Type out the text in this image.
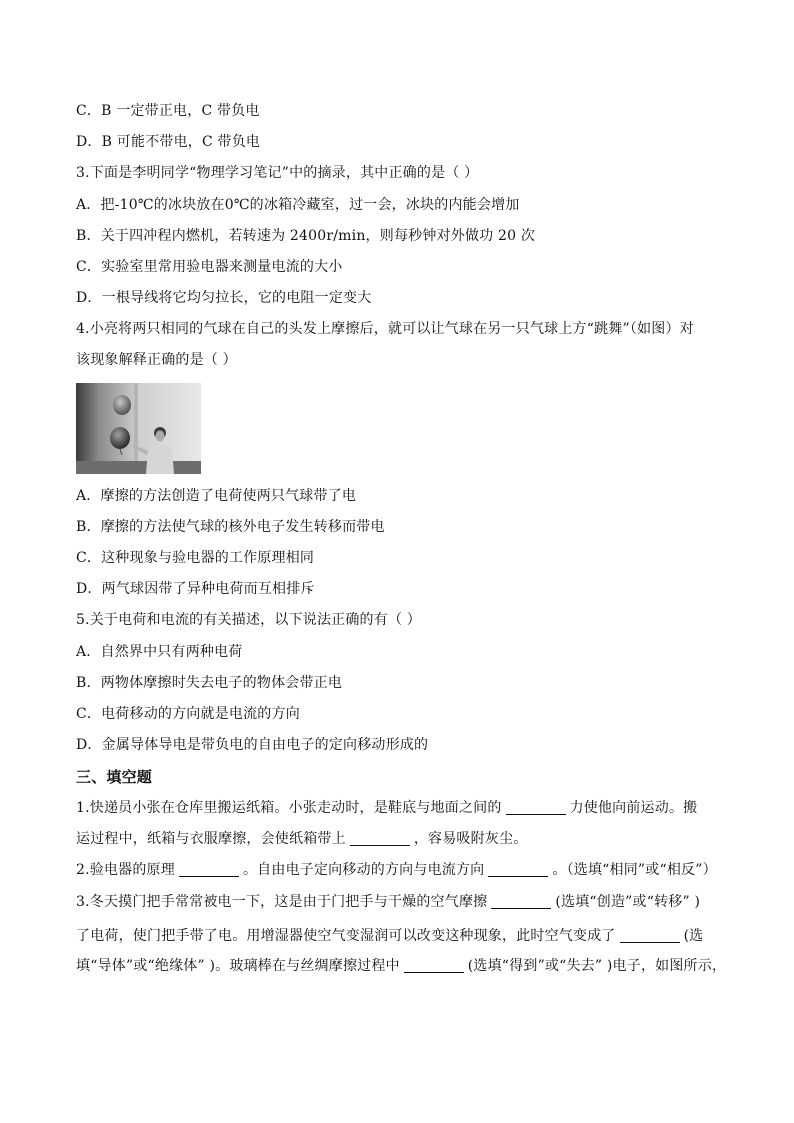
C．B 一定带正电，C 带负电
D．B 可能不带电，C 带负电
3.下面是李明同学“物理学习笔记”中的摘录，其中正确的是（ ）
A．把-10℃的冰块放在0℃的冰箱冷藏室，过一会，冰块的内能会增加
B．关于四冲程内燃机，若转速为 2400r/min，则每秒钟对外做功 20 次
C．实验室里常用验电器来测量电流的大小
D．一根导线将它均匀拉长，它的电阻一定变大
4.小亮将两只相同的气球在自己的头发上摩擦后，就可以让气球在另一只气球上方“跳舞”（如图）对
该现象解释正确的是（ ）
A．摩擦的方法创造了电荷使两只气球带了电
B．摩擦的方法使气球的核外电子发生转移而带电
C．这种现象与验电器的工作原理相同
D．两气球因带了异种电荷而互相排斥
5.关于电荷和电流的有关描述，以下说法正确的有（ ）
A．自然界中只有两种电荷
B．两物体摩擦时失去电子的物体会带正电
C．电荷移动的方向就是电流的方向
D．金属导体导电是带负电的自由电子的定向移动形成的
三、填空题
1.快递员小张在仓库里搬运纸箱。小张走动时，是鞋底与地面之间的	力使他向前运动。搬
运过程中，纸箱与衣服摩擦，会使纸箱带上	，容易吸附灰尘。
2.验电器的原理	。自由电子定向移动的方向与电流方向	。（选填“相同”或“相反”）
3.冬天摸门把手常常被电一下，这是由于门把手与干燥的空气摩擦	(选填“创造”或“转移” )
了电荷，使门把手带了电。用增湿器使空气变湿润可以改变这种现象，此时空气变成了	(选
填“导体”或“绝缘体” )。玻璃棒在与丝绸摩擦过程中	(选填“得到”或“失去” )电子，如图所示，
